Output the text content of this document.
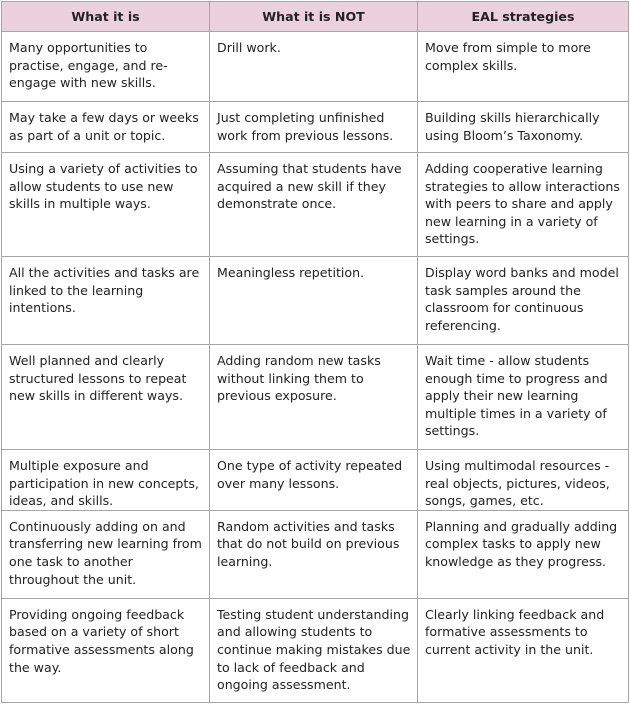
What it is	What it is NOT	EAL strategies
Many opportunities to practise, engage, and re-engage with new skills.	Drill work.	Move from simple to more complex skills.
May take a few days or weeks as part of a unit or topic.	Just completing unfinished work from previous lessons.	Building skills hierarchically using Bloom’s Taxonomy.
Using a variety of activities to allow students to use new skills in multiple ways.	Assuming that students have acquired a new skill if they demonstrate once.	Adding cooperative learning strategies to allow interactions with peers to share and apply new learning in a variety of settings.
All the activities and tasks are linked to the learning intentions.	Meaningless repetition.	Display word banks and model task samples around the classroom for continuous referencing.
Well planned and clearly structured lessons to repeat new skills in different ways.	Adding random new tasks without linking them to previous exposure.	Wait time - allow students enough time to progress and apply their new learning multiple times in a variety of settings.
Multiple exposure and participation in new concepts, ideas, and skills.	One type of activity repeated over many lessons.	Using multimodal resources - real objects, pictures, videos, songs, games, etc.
Continuously adding on and transferring new learning from one task to another throughout the unit.	Random activities and tasks that do not build on previous learning.	Planning and gradually adding complex tasks to apply new knowledge as they progress.
Providing ongoing feedback based on a variety of short formative assessments along the way.	Testing student understanding and allowing students to continue making mistakes due to lack of feedback and ongoing assessment.	Clearly linking feedback and formative assessments to current activity in the unit.
